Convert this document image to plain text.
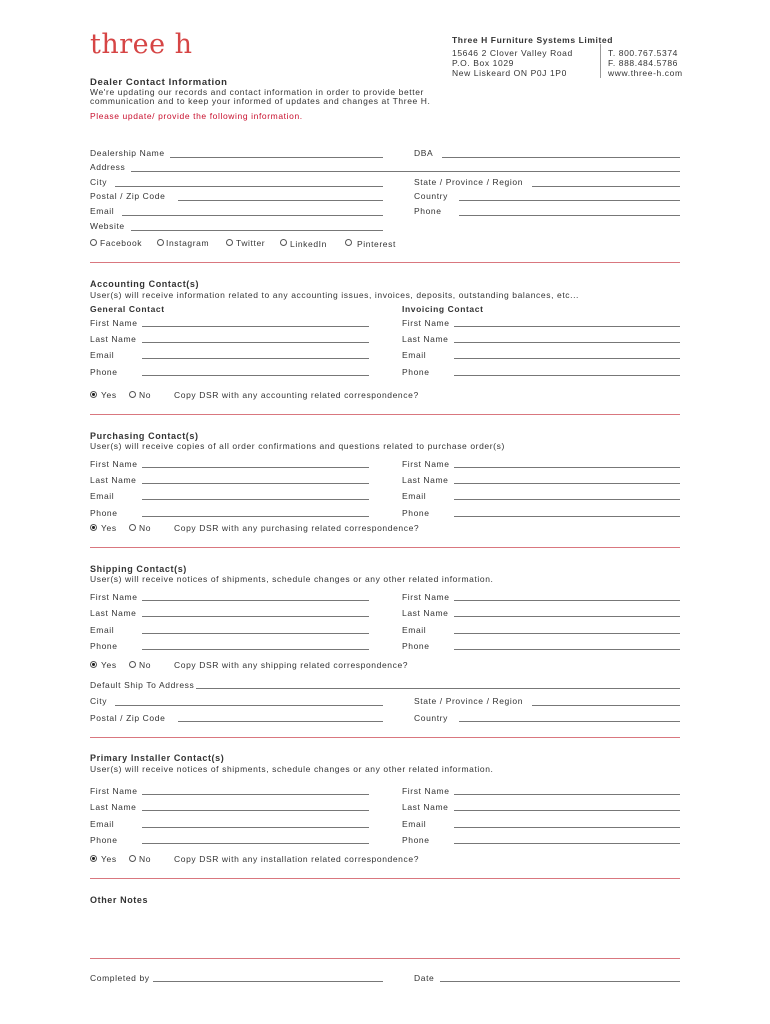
three h	Three H Furniture Systems Limited
15646 2 Clover Valley Road
P.O. Box 1029
New Liskeard ON P0J 1P0
T. 800.767.5374
F. 888.484.5786
www.three-h.com
Dealer Contact Information
We're updating our records and contact information in order to provide better
communication and to keep your informed of updates and changes at Three H.
Please update/ provide the following information.
Dealership Name	DBA
Address
City	State / Province / Region
Postal / Zip Code	Country
Email	Phone
Website
Facebook	Instagram	Twitter	LinkedIn	Pinterest
Accounting Contact(s)
User(s) will receive information related to any accounting issues, invoices, deposits, outstanding balances, etc...
General Contact	Invoicing Contact
First Name	First Name
Last Name	Last Name
Email	Email
Phone	Phone
Yes	No	Copy DSR with any accounting related correspondence?
Purchasing Contact(s)
User(s) will receive copies of all order confirmations and questions related to purchase order(s)
First Name	First Name
Last Name	Last Name
Email	Email
Phone	Phone
Yes	No	Copy DSR with any purchasing related correspondence?
Shipping Contact(s)
User(s) will receive notices of shipments, schedule changes or any other related information.
First Name	First Name
Last Name	Last Name
Email	Email
Phone	Phone
Yes	No	Copy DSR with any shipping related correspondence?
Default Ship To Address
City	State / Province / Region
Postal / Zip Code	Country
Primary Installer Contact(s)
User(s) will receive notices of shipments, schedule changes or any other related information.
First Name	First Name
Last Name	Last Name
Email	Email
Phone	Phone
Yes	No	Copy DSR with any installation related correspondence?
Other Notes
Completed by	Date
